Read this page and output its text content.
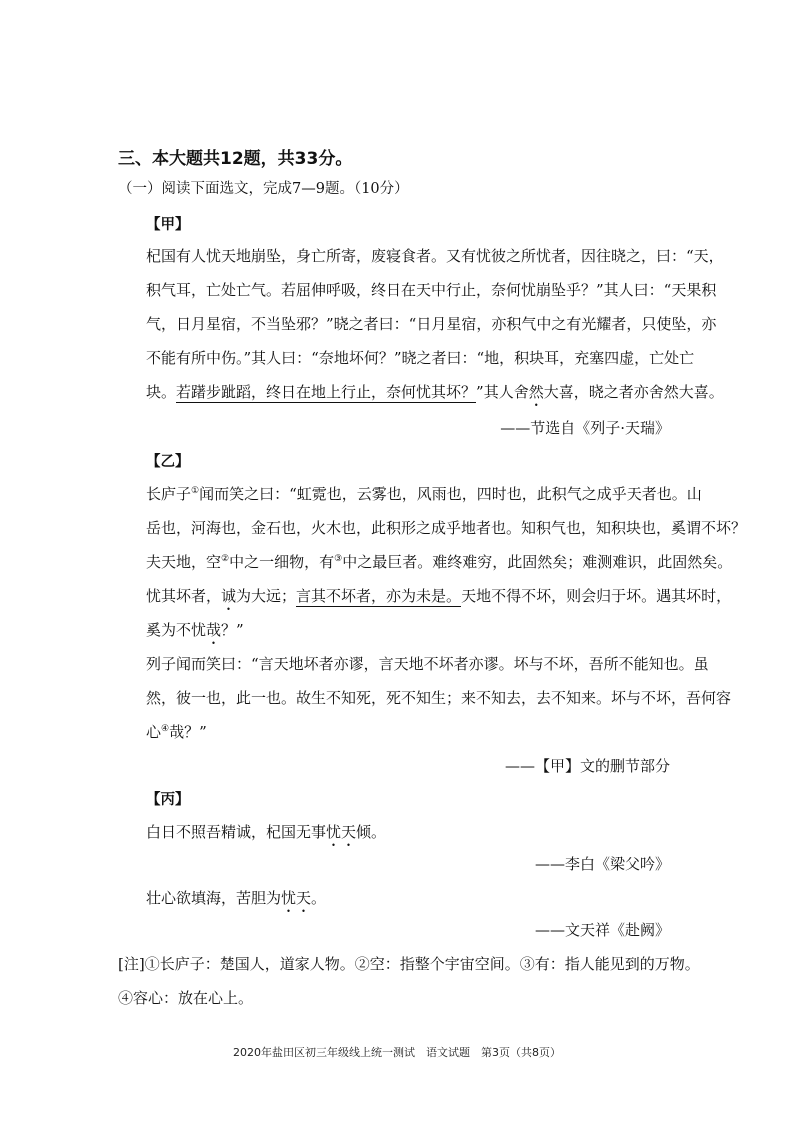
三、本大题共12题，共33分。
（一）阅读下面选文，完成7—9题。（10分）
【甲】
杞国有人忧天地崩坠，身亡所寄，废寝食者。又有忧彼之所忧者，因往晓之，曰：“天，
积气耳，亡处亡气。若屈伸呼吸，终日在天中行止，奈何忧崩坠乎？”其人曰：“天果积
气，日月星宿，不当坠邪？”晓之者曰：“日月星宿，亦积气中之有光耀者，只使坠，亦
不能有所中伤。”其人曰：“奈地坏何？”晓之者曰：“地，积块耳，充塞四虚，亡处亡
块。若躇步跐蹈，终日在地上行止，奈何忧其坏？”其人舍然大喜，晓之者亦舍然大喜。
——节选自《列子·天瑞》
【乙】
长庐子①闻而笑之曰：“虹霓也，云雾也，风雨也，四时也，此积气之成乎天者也。山
岳也，河海也，金石也，火木也，此积形之成乎地者也。知积气也，知积块也，奚谓不坏？
夫天地，空②中之一细物，有③中之最巨者。难终难穷，此固然矣；难测难识，此固然矣。
忧其坏者，诚为大远；言其不坏者，亦为未是。天地不得不坏，则会归于坏。遇其坏时，
奚为不忧哉？”
列子闻而笑曰：“言天地坏者亦谬，言天地不坏者亦谬。坏与不坏，吾所不能知也。虽
然，彼一也，此一也。故生不知死，死不知生；来不知去，去不知来。坏与不坏，吾何容
心④哉？”
——【甲】文的删节部分
【丙】
白日不照吾精诚，杞国无事忧天倾。
——李白《梁父吟》
壮心欲填海，苦胆为忧天。
——文天祥《赴阙》
[注]①长庐子：楚国人，道家人物。②空：指整个宇宙空间。③有：指人能见到的万物。
④容心：放在心上。
2020年盐田区初三年级线上统一测试　语文试题　第3页（共8页）
